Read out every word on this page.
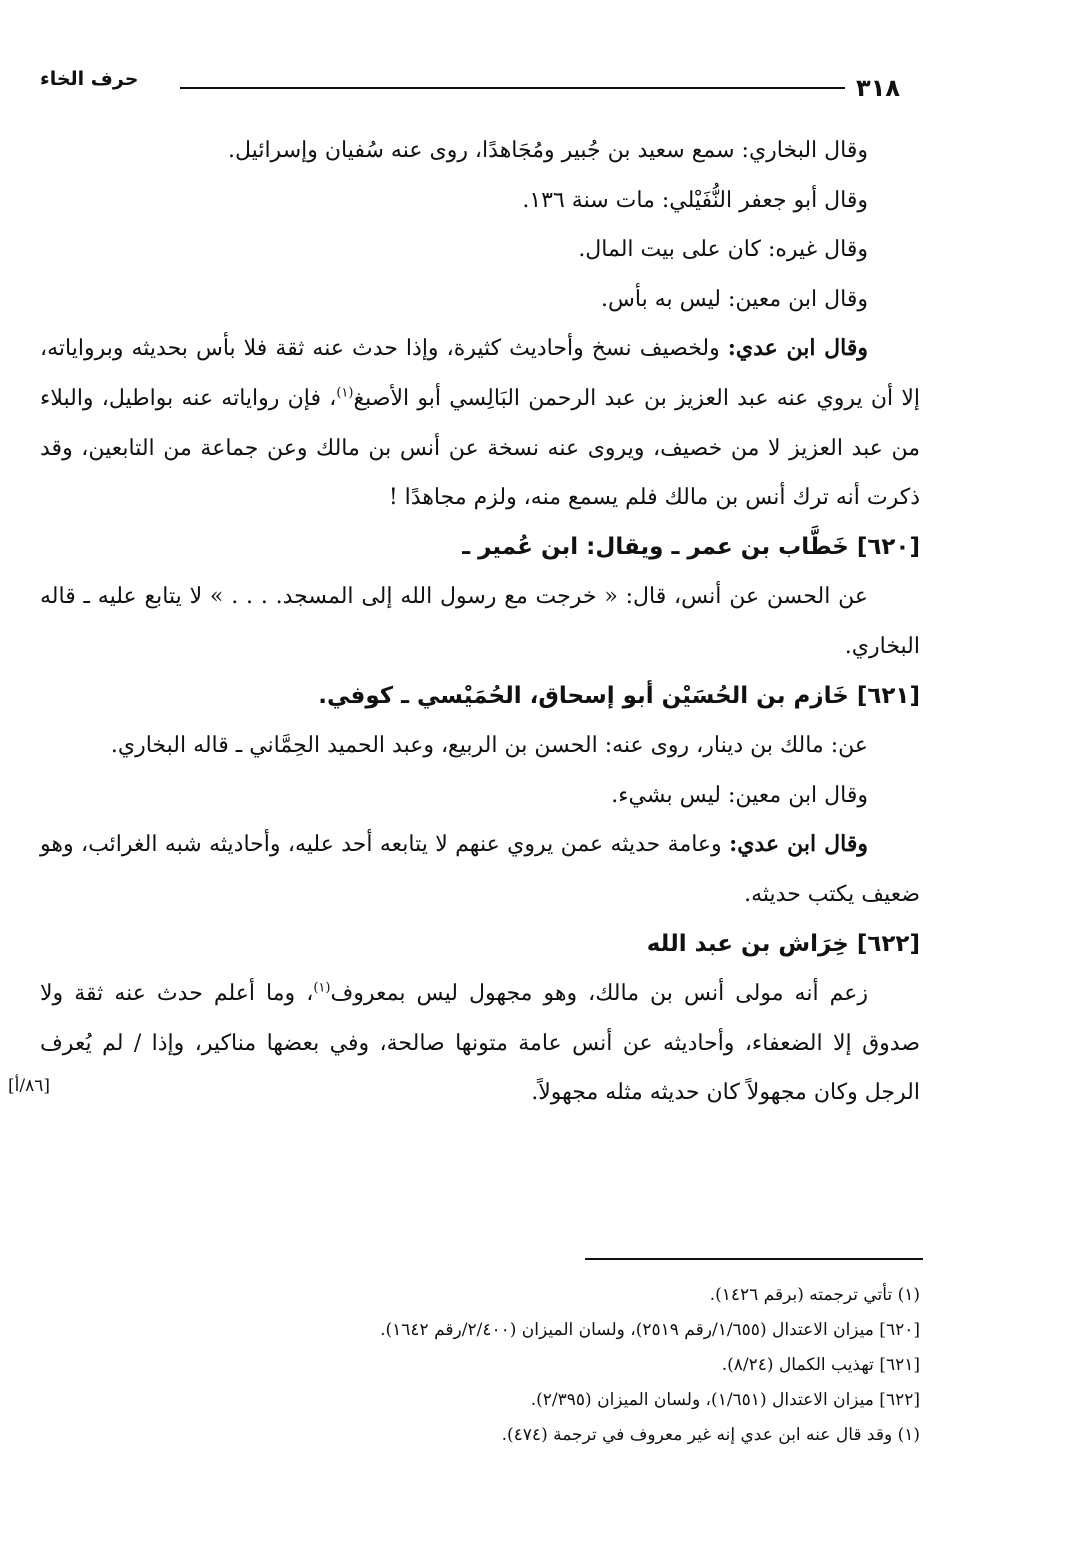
حرف الخاء	٣١٨

وقال البخاري: سمع سعيد بن جُبير ومُجَاهدًا، روى عنه سُفيان وإسرائيل.

وقال أبو جعفر النُّفَيْلي: مات سنة ١٣٦.

وقال غيره: كان على بيت المال.

وقال ابن معين: ليس به بأس.

وقال ابن عدي: ولخصيف نسخ وأحاديث كثيرة، وإذا حدث عنه ثقة فلا بأس بحديثه وبرواياته، إلا أن يروي عنه عبد العزيز بن عبد الرحمن البَالِسي أبو الأصبغ$^{(١)}$، فإن رواياته عنه بواطيل، والبلاء من عبد العزيز لا من خصيف، ويروى عنه نسخة عن أنس بن مالك وعن جماعة من التابعين، وقد ذكرت أنه ترك أنس بن مالك فلم يسمع منه، ولزم مجاهدًا !

[٦٢٠] خَطَّاب بن عمر ـ ويقال: ابن عُمير ـ

عن الحسن عن أنس، قال: « خرجت مع رسول الله إلى المسجد. . . . » لا يتابع عليه ـ قاله البخاري.

[٦٢١] خَازم بن الحُسَيْن أبو إسحاق، الحُمَيْسي ـ كوفي.

عن: مالك بن دينار، روى عنه: الحسن بن الربيع، وعبد الحميد الحِمَّاني ـ قاله البخاري.

وقال ابن معين: ليس بشيء.

وقال ابن عدي: وعامة حديثه عمن يروي عنهم لا يتابعه أحد عليه، وأحاديثه شبه الغرائب، وهو ضعيف يكتب حديثه.

[٦٢٢] خِرَاش بن عبد الله

زعم أنه مولى أنس بن مالك، وهو مجهول ليس بمعروف$^{(١)}$، وما أعلم حدث عنه ثقة ولا صدوق إلا الضعفاء، وأحاديثه عن أنس عامة متونها صالحة، وفي بعضها مناكير، وإذا / لم يُعرف الرجل وكان مجهولاً كان حديثه مثله مجهولاً.
[٨٦/أ]

(١) تأتي ترجمته (برقم ١٤٢٦).

[٦٢٠] ميزان الاعتدال (١/٦٥٥/رقم ٢٥١٩)، ولسان الميزان (٢/٤٠٠/رقم ١٦٤٢).

[٦٢١] تهذيب الكمال (٨/٢٤).

[٦٢٢] ميزان الاعتدال (١/٦٥١)، ولسان الميزان (٢/٣٩٥).

(١) وقد قال عنه ابن عدي إنه غير معروف في ترجمة (٤٧٤).
